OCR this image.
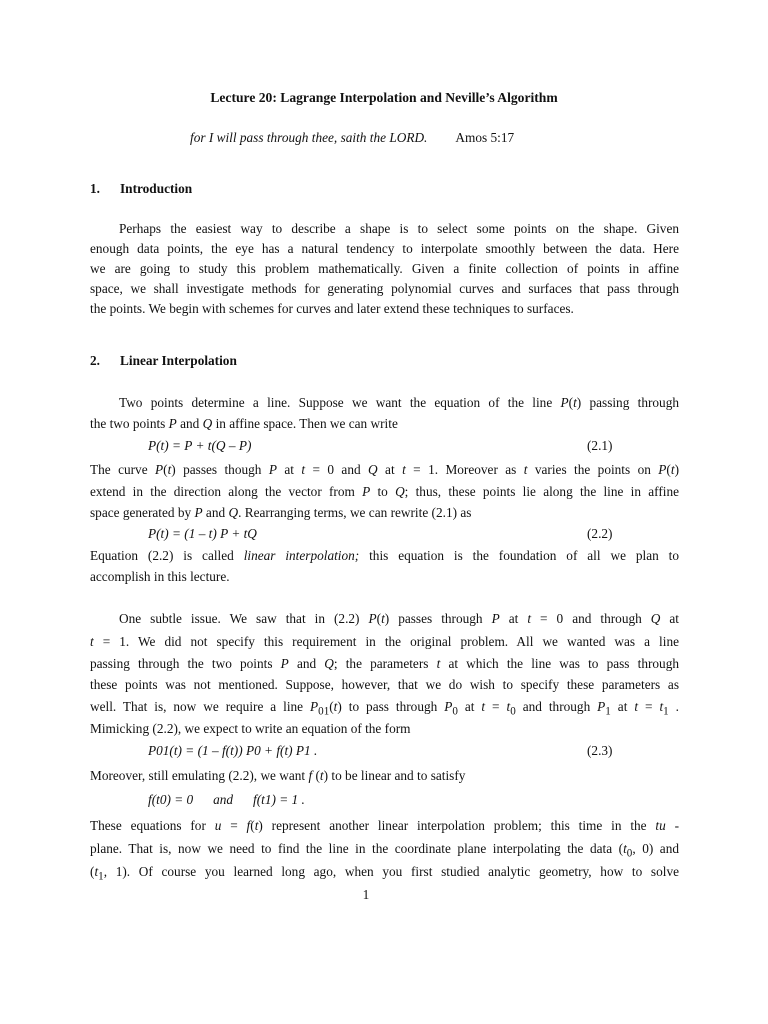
Lecture 20: Lagrange Interpolation and Neville’s Algorithm
for I will pass through thee, saith the LORD. Amos 5:17
1. Introduction
Perhaps the easiest way to describe a shape is to select some points on the shape. Given
enough data points, the eye has a natural tendency to interpolate smoothly between the data. Here
we are going to study this problem mathematically. Given a finite collection of points in affine
space, we shall investigate methods for generating polynomial curves and surfaces that pass through
the points. We begin with schemes for curves and later extend these techniques to surfaces.
2. Linear Interpolation
Two points determine a line. Suppose we want the equation of the line P(t) passing through
the two points P and Q in affine space. Then we can write
P(t) = P + t(Q – P)	(2.1)
The curve P(t) passes though P at t = 0 and Q at t = 1. Moreover as t varies the points on P(t)
extend in the direction along the vector from P to Q; thus, these points lie along the line in affine
space generated by P and Q. Rearranging terms, we can rewrite (2.1) as
P(t) = (1 – t) P + tQ	(2.2)
Equation (2.2) is called linear interpolation; this equation is the foundation of all we plan to
accomplish in this lecture.
One subtle issue. We saw that in (2.2) P(t) passes through P at t = 0 and through Q at
t = 1. We did not specify this requirement in the original problem. All we wanted was a line
passing through the two points P and Q; the parameters t at which the line was to pass through
these points was not mentioned. Suppose, however, that we do wish to specify these parameters as
well. That is, now we require a line $P_{01}(t)$ to pass through $P_0$ at $t = t_0$ and through $P_1$ at $t = t_1$ .
Mimicking (2.2), we expect to write an equation of the form
P01(t) = (1 – f(t)) P0 + f(t) P1 .	(2.3)
Moreover, still emulating (2.2), we want f (t) to be linear and to satisfy
f(t0) = 0      and      f(t1) = 1 .
These equations for u = f(t) represent another linear interpolation problem; this time in the tu -
plane. That is, now we need to find the line in the coordinate plane interpolating the data ($t_0$, 0) and
($t_1$, 1). Of course you learned long ago, when you first studied analytic geometry, how to solve
1
